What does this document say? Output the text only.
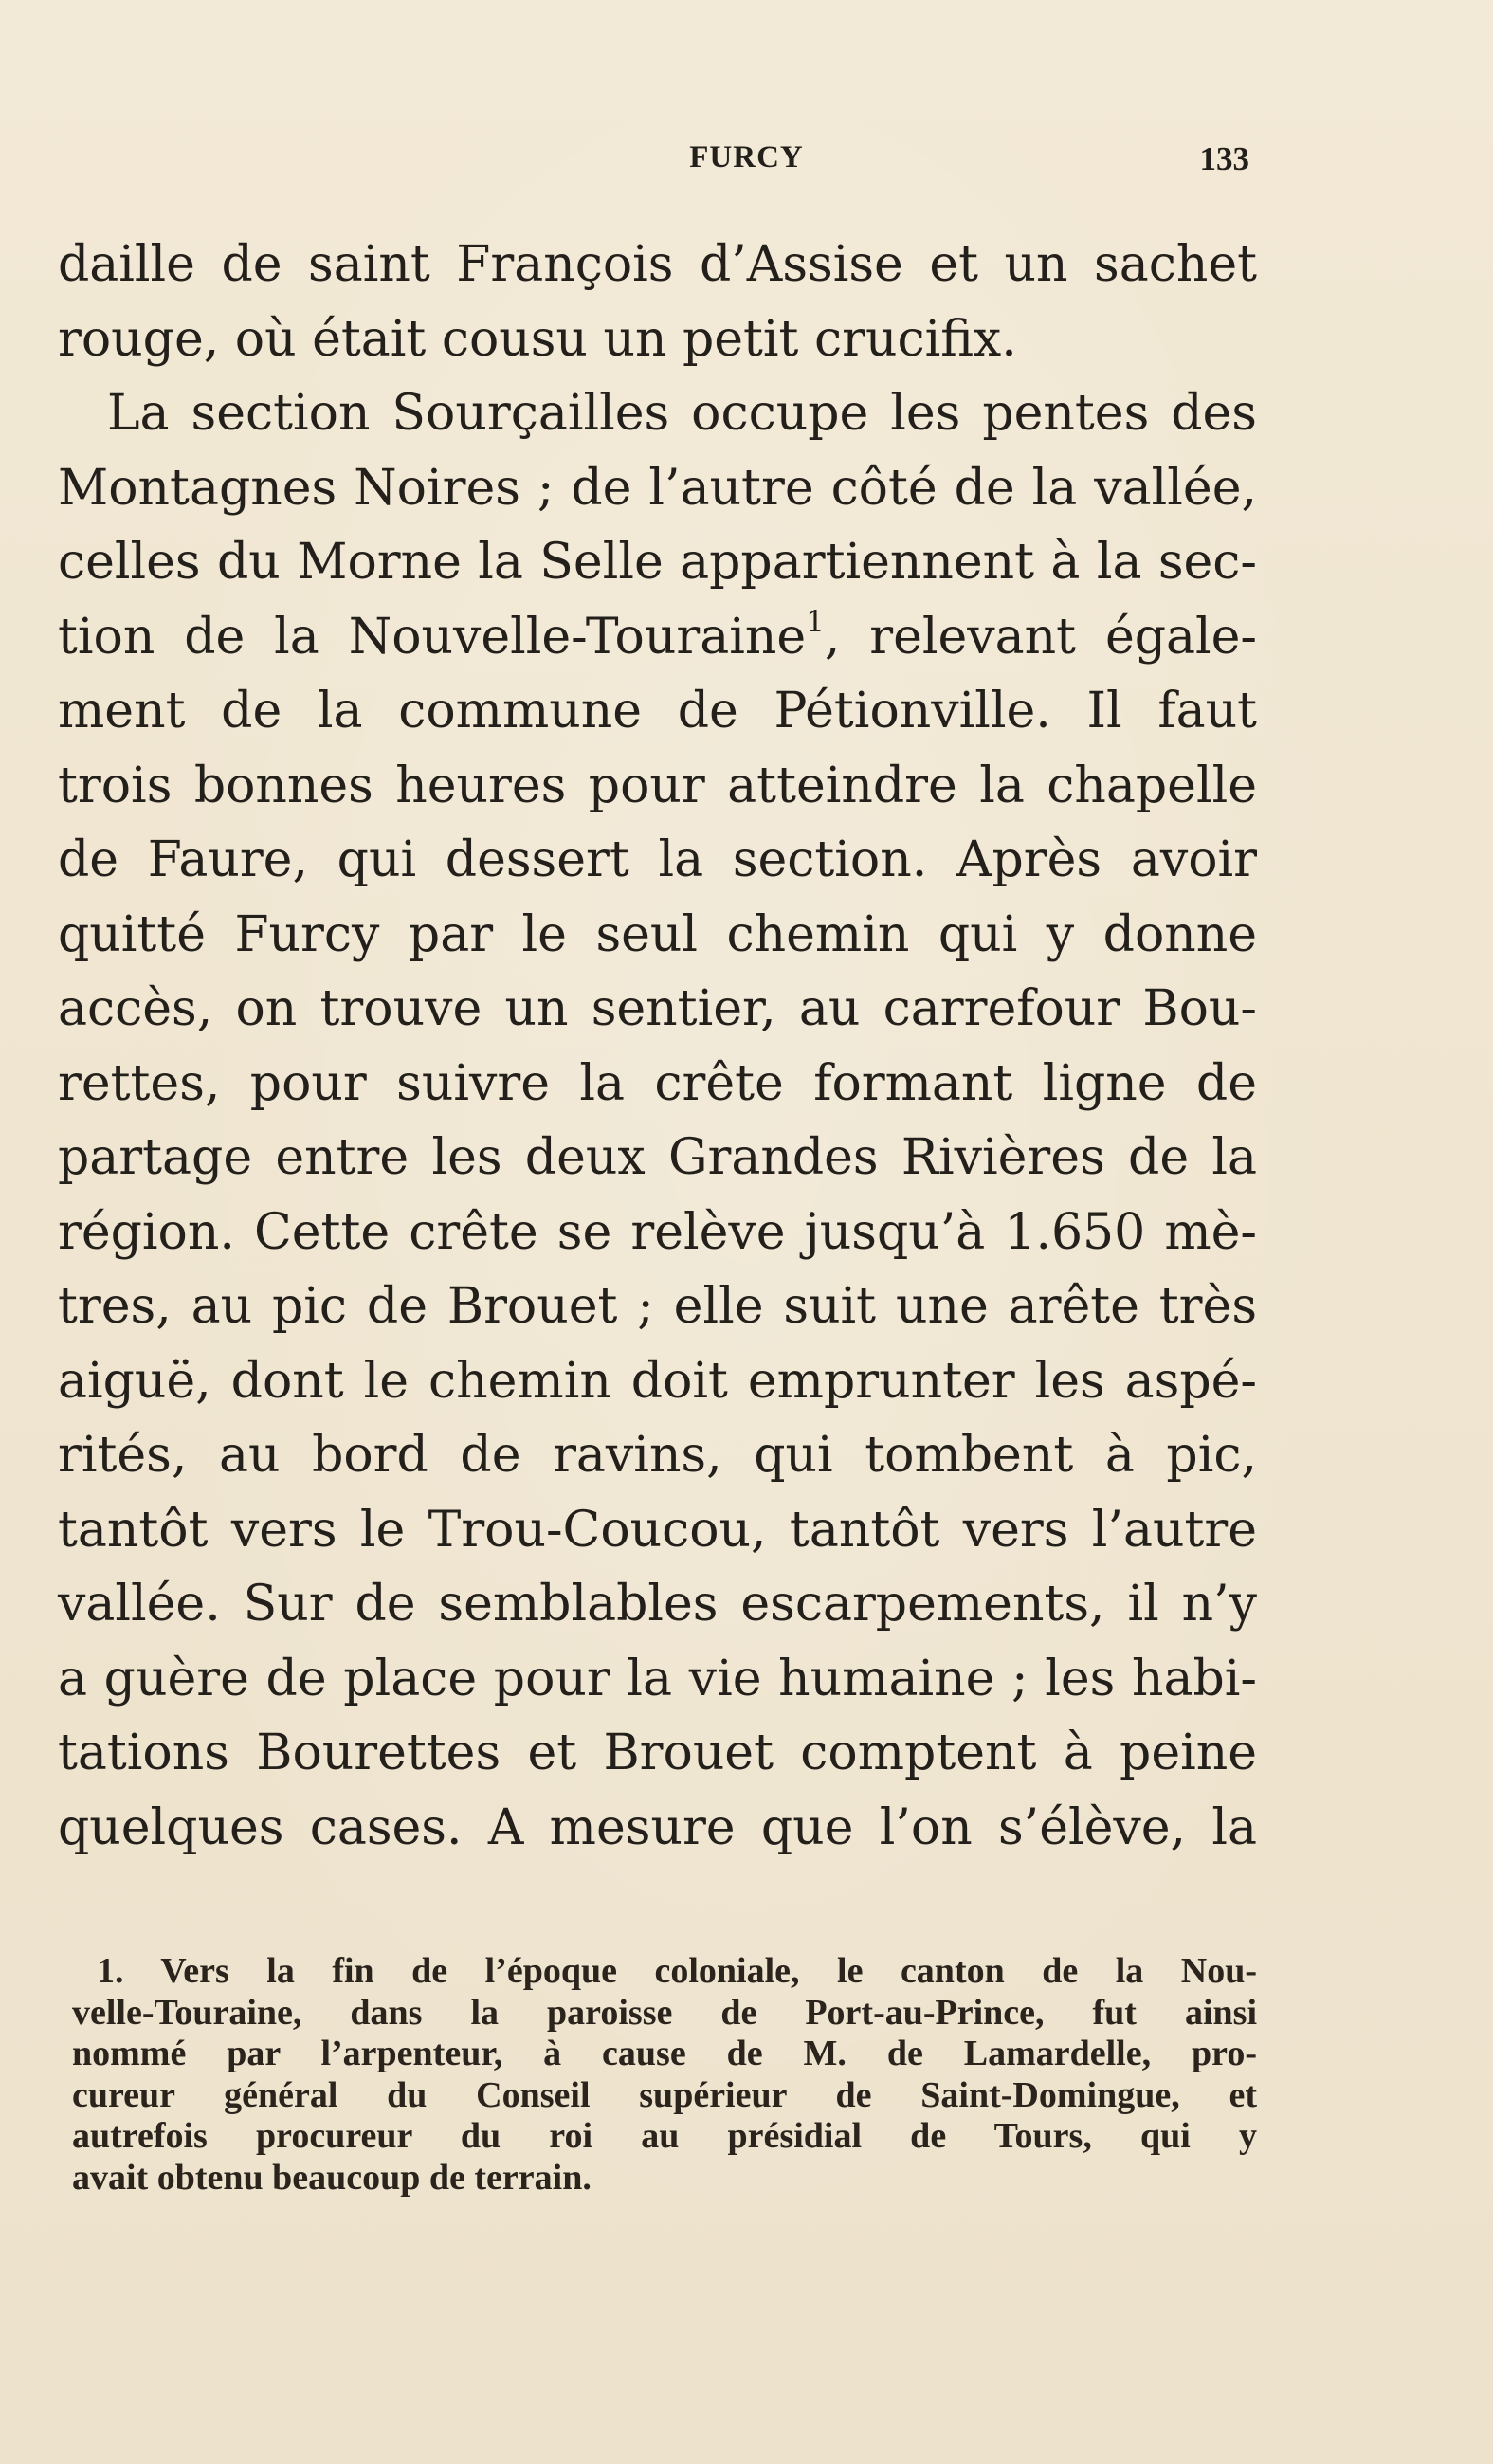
FURCY	133
daille de saint François d’Assise et un sachet
rouge, où était cousu un petit crucifix.
La section Sourçailles occupe les pentes des
Montagnes Noires ; de l’autre côté de la vallée,
celles du Morne la Selle appartiennent à la sec-
tion de la Nouvelle-Touraine$^1$, relevant égale-
ment de la commune de Pétionville. Il faut
trois bonnes heures pour atteindre la chapelle
de Faure, qui dessert la section. Après avoir
quitté Furcy par le seul chemin qui y donne
accès, on trouve un sentier, au carrefour Bou-
rettes, pour suivre la crête formant ligne de
partage entre les deux Grandes Rivières de la
région. Cette crête se relève jusqu’à 1.650 mè-
tres, au pic de Brouet ; elle suit une arête très
aiguë, dont le chemin doit emprunter les aspé-
rités, au bord de ravins, qui tombent à pic,
tantôt vers le Trou-Coucou, tantôt vers l’autre
vallée. Sur de semblables escarpements, il n’y
a guère de place pour la vie humaine ; les habi-
tations Bourettes et Brouet comptent à peine
quelques cases. A mesure que l’on s’élève, la
1. Vers la fin de l’époque coloniale, le canton de la Nou-
velle-Touraine, dans la paroisse de Port-au-Prince, fut ainsi
nommé par l’arpenteur, à cause de M. de Lamardelle, pro-
cureur général du Conseil supérieur de Saint-Domingue, et
autrefois procureur du roi au présidial de Tours, qui y
avait obtenu beaucoup de terrain.
